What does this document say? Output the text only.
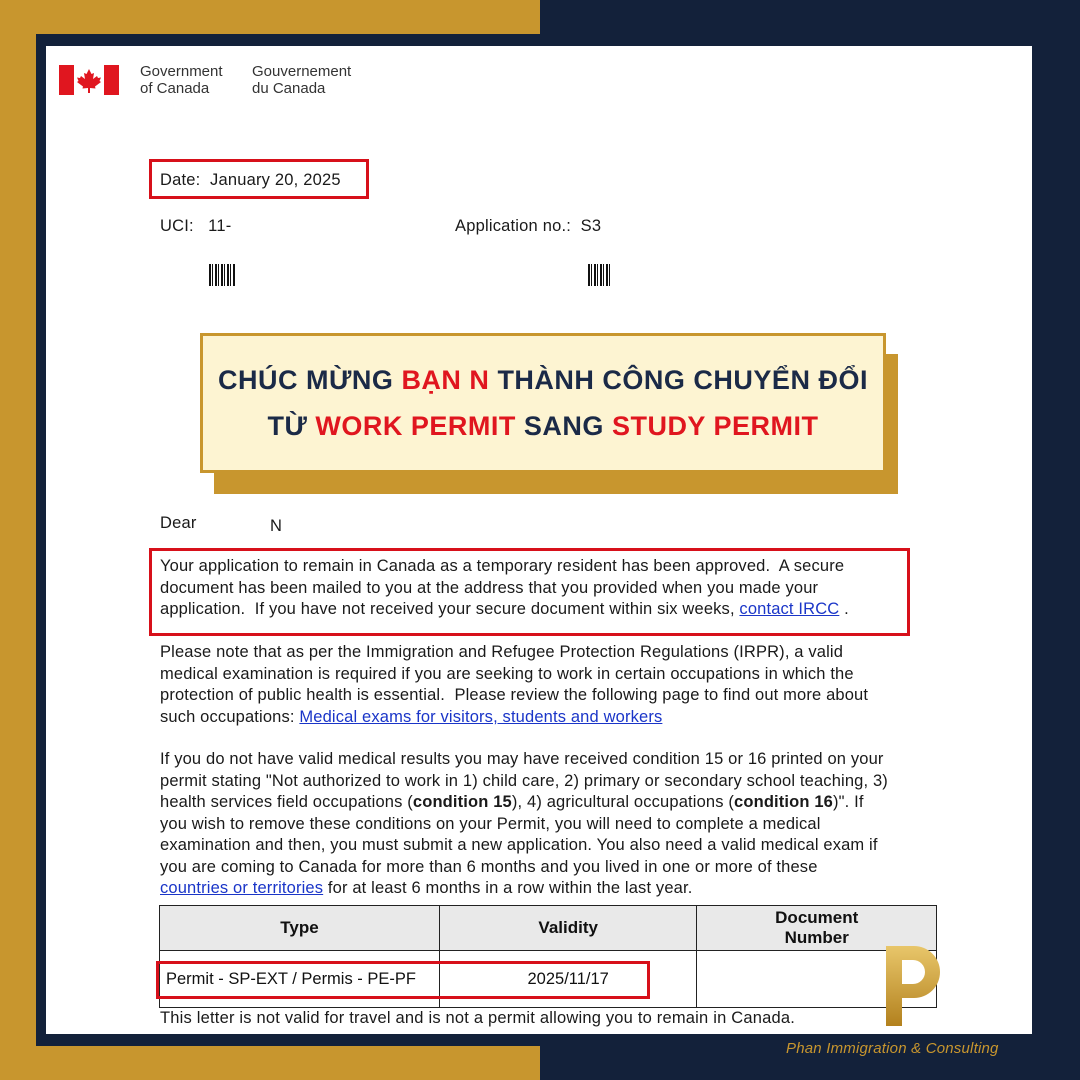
Government
of Canada
Gouvernement
du Canada
Date: January 20, 2025
UCI: 11-	Application no.: S3
CHÚC MỪNG BẠN N THÀNH CÔNG CHUYỂN ĐỔI
TỪ WORK PERMIT SANG STUDY PERMIT
Dear	N
Your application to remain in Canada as a temporary resident has been approved.  A secure
document has been mailed to you at the address that you provided when you made your
application.  If you have not received your secure document within six weeks, contact IRCC .
Please note that as per the Immigration and Refugee Protection Regulations (IRPR), a valid
medical examination is required if you are seeking to work in certain occupations in which the
protection of public health is essential.  Please review the following page to find out more about
such occupations: Medical exams for visitors, students and workers
If you do not have valid medical results you may have received condition 15 or 16 printed on your
permit stating "Not authorized to work in 1) child care, 2) primary or secondary school teaching, 3)
health services field occupations (condition 15), 4) agricultural occupations (condition 16)". If
you wish to remove these conditions on your Permit, you will need to complete a medical
examination and then, you must submit a new application. You also need a valid medical exam if
you are coming to Canada for more than 6 months and you lived in one or more of these
countries or territories for at least 6 months in a row within the last year.
Type	Validity	Document Number

Permit - SP-EXT / Permis - PE-PF	2025/11/17	
This letter is not valid for travel and is not a permit allowing you to remain in Canada.
Phan Immigration & Consulting
